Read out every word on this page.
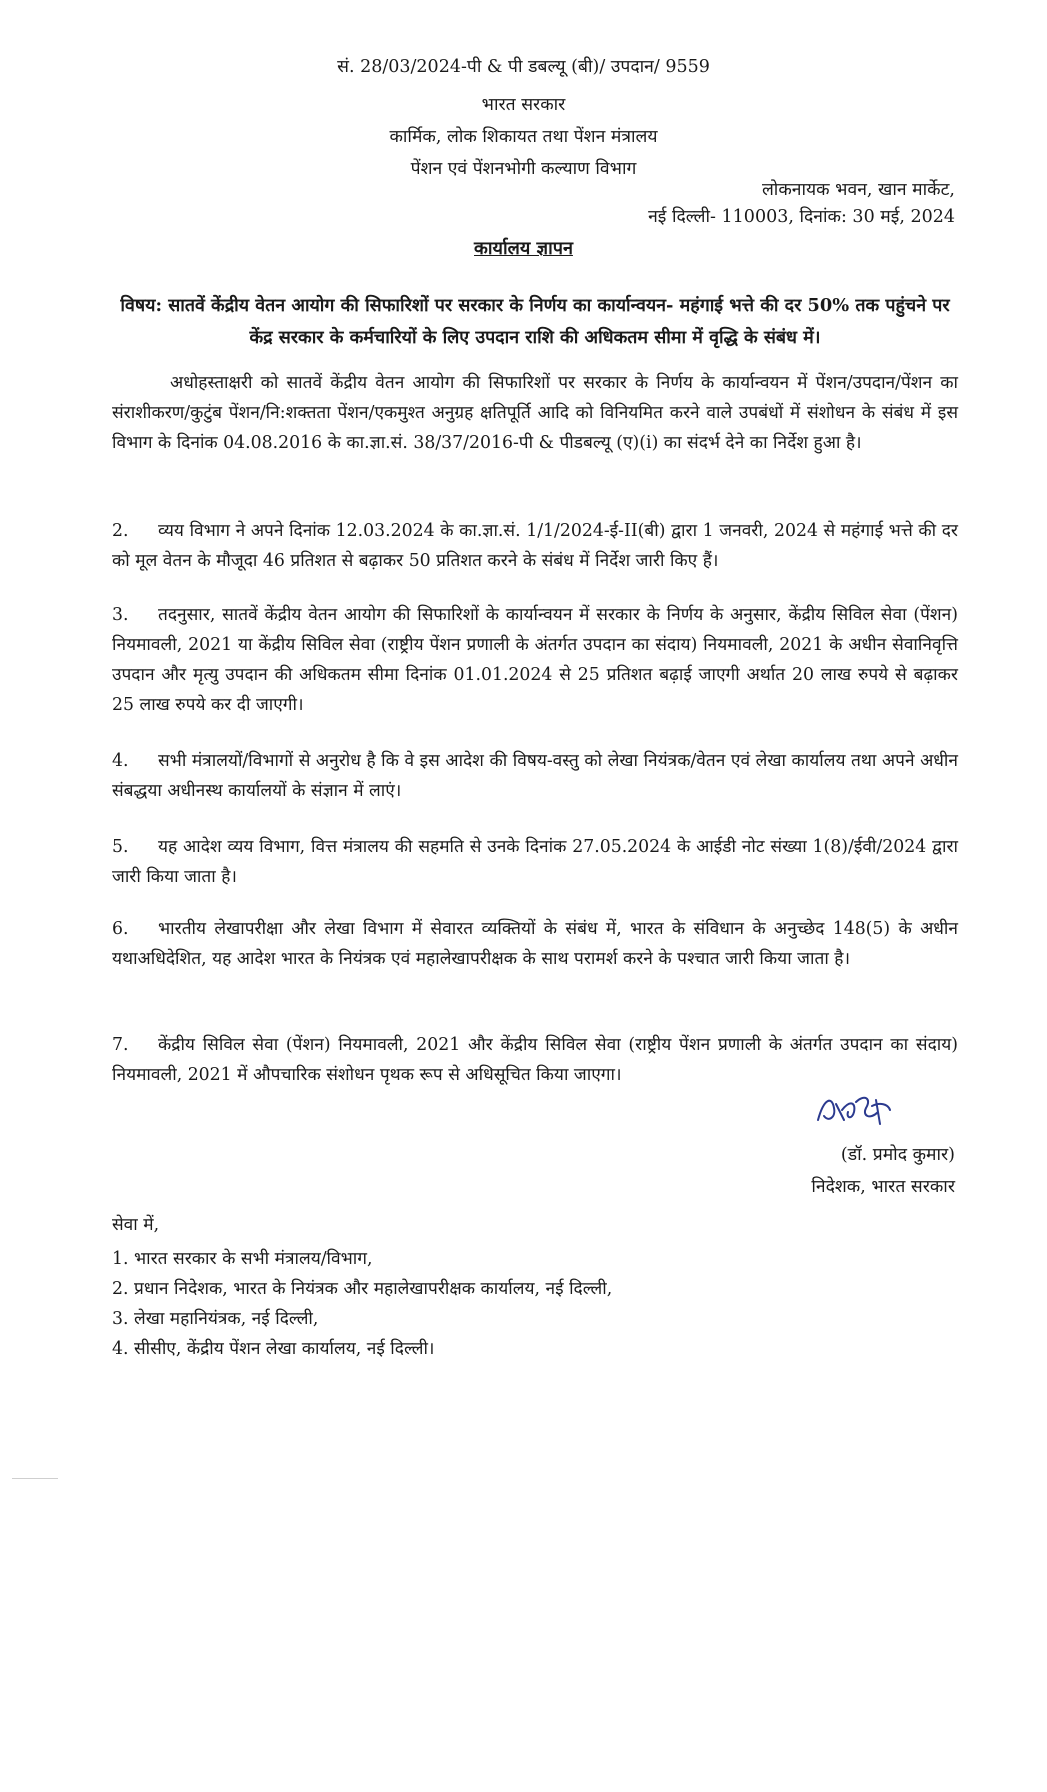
सं. 28/03/2024-पी & पी डबल्यू (बी)/ उपदान/ 9559
भारत सरकार
कार्मिक, लोक शिकायत तथा पेंशन मंत्रालय
पेंशन एवं पेंशनभोगी कल्याण विभाग
लोकनायक भवन, खान मार्केट,
नई दिल्ली- 110003, दिनांक: 30 मई, 2024
कार्यालय ज्ञापन
विषय: सातवें केंद्रीय वेतन आयोग की सिफारिशों पर सरकार के निर्णय का कार्यान्वयन- महंगाई भत्ते की दर 50% तक पहुंचने पर केंद्र सरकार के कर्मचारियों के लिए उपदान राशि की अधिकतम सीमा में वृद्धि के संबंध में।
अधोहस्ताक्षरी को सातवें केंद्रीय वेतन आयोग की सिफारिशों पर सरकार के निर्णय के कार्यान्वयन में पेंशन/उपदान/पेंशन का संराशीकरण/कुटुंब पेंशन/नि:शक्तता पेंशन/एकमुश्त अनुग्रह क्षतिपूर्ति आदि को विनियमित करने वाले उपबंधों में संशोधन के संबंध में इस विभाग के दिनांक 04.08.2016 के का.ज्ञा.सं. 38/37/2016-पी & पीडबल्यू (ए)(i) का संदर्भ देने का निर्देश हुआ है।
2. व्यय विभाग ने अपने दिनांक 12.03.2024 के का.ज्ञा.सं. 1/1/2024-ई-II(बी) द्वारा 1 जनवरी, 2024 से महंगाई भत्ते की दर को मूल वेतन के मौजूदा 46 प्रतिशत से बढ़ाकर 50 प्रतिशत करने के संबंध में निर्देश जारी किए हैं।
3. तदनुसार, सातवें केंद्रीय वेतन आयोग की सिफारिशों के कार्यान्वयन में सरकार के निर्णय के अनुसार, केंद्रीय सिविल सेवा (पेंशन) नियमावली, 2021 या केंद्रीय सिविल सेवा (राष्ट्रीय पेंशन प्रणाली के अंतर्गत उपदान का संदाय) नियमावली, 2021 के अधीन सेवानिवृत्ति उपदान और मृत्यु उपदान की अधिकतम सीमा दिनांक 01.01.2024 से 25 प्रतिशत बढ़ाई जाएगी अर्थात 20 लाख रुपये से बढ़ाकर 25 लाख रुपये कर दी जाएगी।
4. सभी मंत्रालयों/विभागों से अनुरोध है कि वे इस आदेश की विषय-वस्तु को लेखा नियंत्रक/वेतन एवं लेखा कार्यालय तथा अपने अधीन संबद्धया अधीनस्थ कार्यालयों के संज्ञान में लाएं।
5. यह आदेश व्यय विभाग, वित्त मंत्रालय की सहमति से उनके दिनांक 27.05.2024 के आईडी नोट संख्या 1(8)/ईवी/2024 द्वारा जारी किया जाता है।
6. भारतीय लेखापरीक्षा और लेखा विभाग में सेवारत व्यक्तियों के संबंध में, भारत के संविधान के अनुच्छेद 148(5) के अधीन यथाअधिदेशित, यह आदेश भारत के नियंत्रक एवं महालेखापरीक्षक के साथ परामर्श करने के पश्चात जारी किया जाता है।
7. केंद्रीय सिविल सेवा (पेंशन) नियमावली, 2021 और केंद्रीय सिविल सेवा (राष्ट्रीय पेंशन प्रणाली के अंतर्गत उपदान का संदाय) नियमावली, 2021 में औपचारिक संशोधन पृथक रूप से अधिसूचित किया जाएगा।
(डॉ. प्रमोद कुमार)
निदेशक, भारत सरकार
सेवा में,
1. भारत सरकार के सभी मंत्रालय/विभाग,
2. प्रधान निदेशक, भारत के नियंत्रक और महालेखापरीक्षक कार्यालय, नई दिल्ली,
3. लेखा महानियंत्रक, नई दिल्ली,
4. सीसीए, केंद्रीय पेंशन लेखा कार्यालय, नई दिल्ली।
